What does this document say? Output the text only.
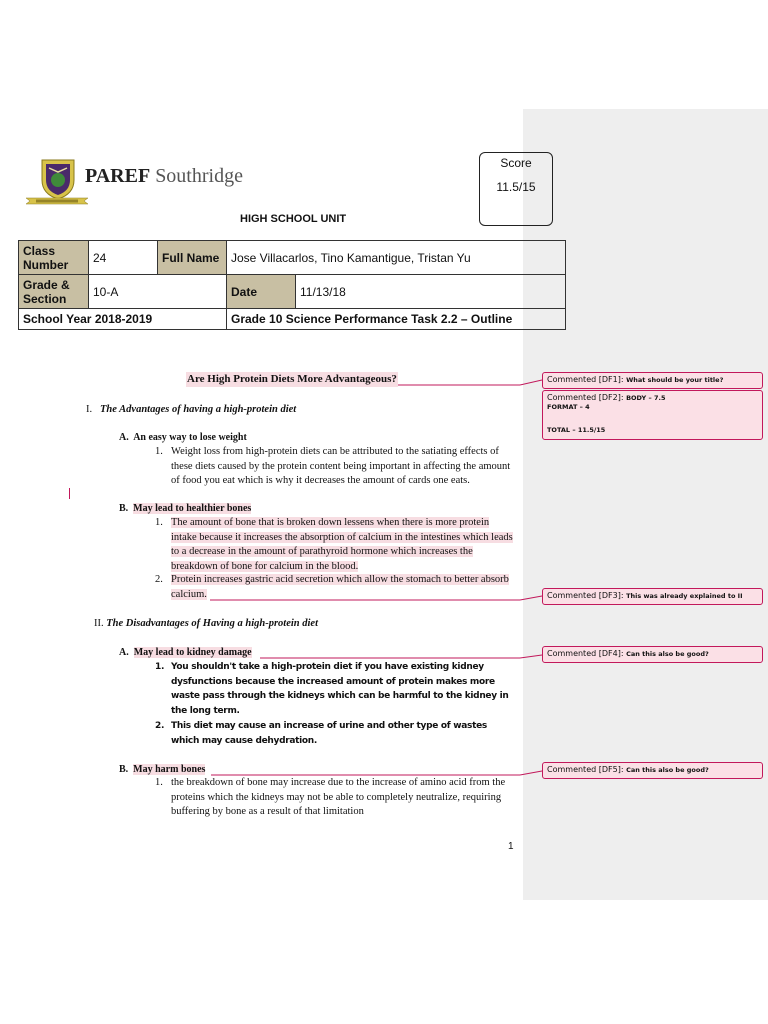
PAREF Southridge
Score
11.5/15
HIGH SCHOOL UNIT
Class Number	24	Full Name	Jose Villacarlos, Tino Kamantigue, Tristan Yu	
Grade & Section	10-A		Date	11/13/18
School Year 2018-2019			Grade 10 Science Performance Task 2.2 – Outline	
Are High Protein Diets More Advantageous?
I. The Advantages of having a high-protein diet
A. An easy way to lose weight
1. Weight loss from high-protein diets can be attributed to the satiating effects of these diets caused by the protein content being important in affecting the amount of food you eat which is why it decreases the amount of cards one eats.
B. May lead to healthier bones
1. The amount of bone that is broken down lessens when there is more protein intake because it increases the absorption of calcium in the intestines which leads to a decrease in the amount of parathyroid hormone which increases the breakdown of bone for calcium in the blood.
2. Protein increases gastric acid secretion which allow the stomach to better absorb calcium.
II. The Disadvantages of Having a high-protein diet
A. May lead to kidney damage
1. You shouldn't take a high-protein diet if you have existing kidney dysfunctions because the increased amount of protein makes more waste pass through the kidneys which can be harmful to the kidney in the long term.
2. This diet may cause an increase of urine and other type of wastes which may cause dehydration.
B. May harm bones
1. the breakdown of bone may increase due to the increase of amino acid from the proteins which the kidneys may not be able to completely neutralize, requiring buffering by bone as a result of that limitation
1
Commented [DF1]: What should be your title?
Commented [DF2]: BODY – 7.5
FORMAT – 4
TOTAL – 11.5/15
Commented [DF3]: This was already explained to II
Commented [DF4]: Can this also be good?
Commented [DF5]: Can this also be good?
